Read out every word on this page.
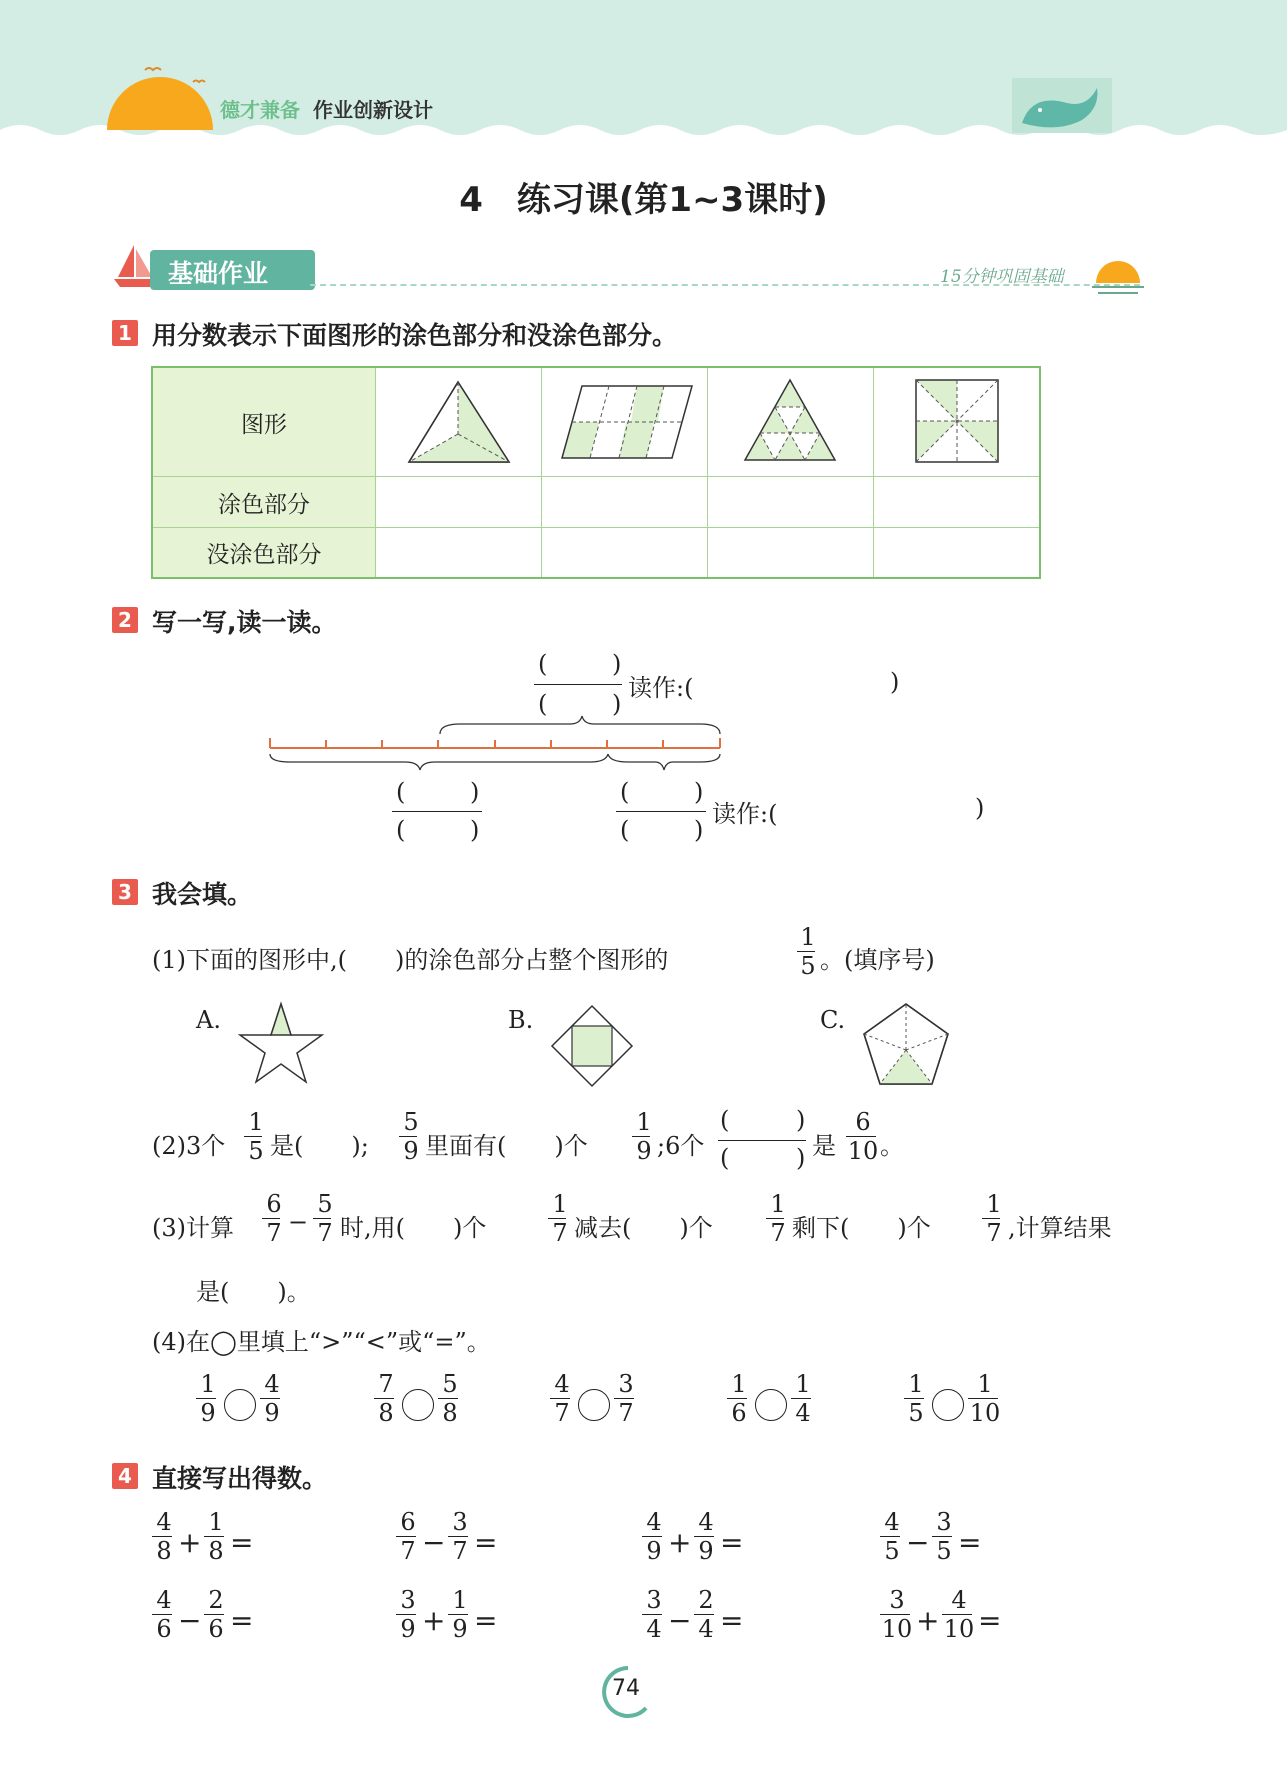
德才兼备 作业创新设计
4　练习课(第1~3课时)
基础作业	15分钟巩固基础
1 用分数表示下面图形的涂色部分和没涂色部分。
图形				
涂色部分				
没涂色部分				
2 写一写,读一读。
(	)
(	)
读作:(	)
(	)
(	)
(	)
(	)
读作:(	)
3 我会填。
(1)下面的图形中,(　　)的涂色部分占整个图形的
1
5 。(填序号)
A.	B.	C.
(2)3个
1
5 是(　　);
5
9 里面有(　　)个
1
9 ;6个
(	)
(	) 是
6
10 。
(3)计算
6
7 −
5
7 时,用(　　)个
1
7 减去(　　)个
1
7 剩下(　　)个
1
7 ,计算结果
是(　　)。
(4)在◯里填上“>”“<”或“=”。
4 直接写出得数。
74
1
9
4
9
7
8
5
8
4
7
3
7
1
6
1
4
1
5
1
10
4
8 +
1
8 =
6
7 −
3
7 =
4
9 +
4
9 =
4
5 −
3
5 =
4
6 −
2
6 =
3
9 +
1
9 =
3
4 −
2
4 =
3
10 +
4
10 =
